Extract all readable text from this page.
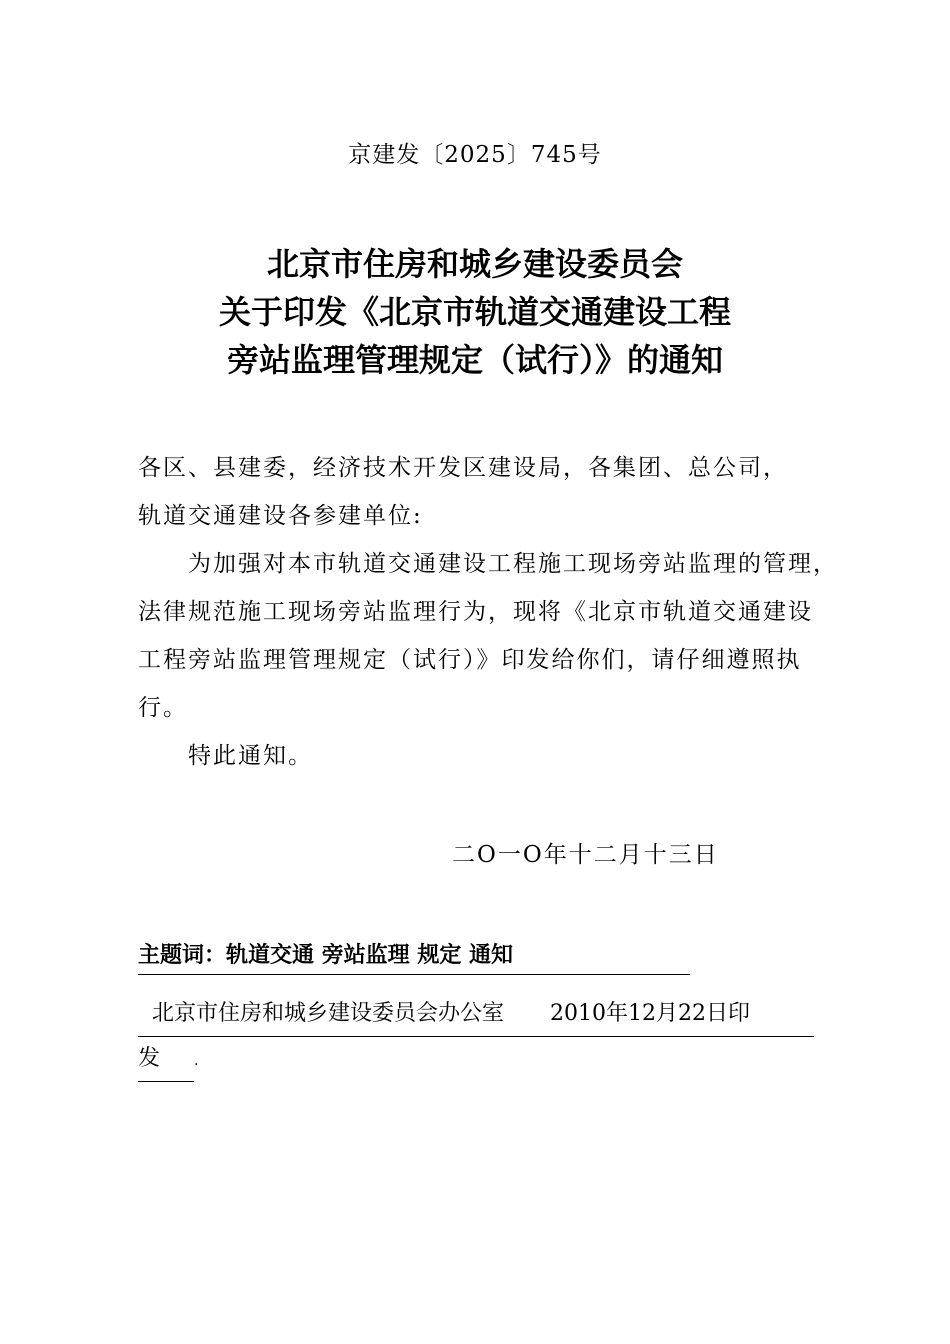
京建发〔2025〕745号
北京市住房和城乡建设委员会
关于印发《北京市轨道交通建设工程
旁站监理管理规定（试行）》的通知
各区、县建委，经济技术开发区建设局，各集团、总公司，
轨道交通建设各参建单位:
为加强对本市轨道交通建设工程施工现场旁站监理的管理，
法律规范施工现场旁站监理行为，现将《北京市轨道交通建设
工程旁站监理管理规定（试行）》印发给你们，请仔细遵照执
行。
特此通知。
二O一O年十二月十三日
主题词：轨道交通 旁站监理 规定 通知
北京市住房和城乡建设委员会办公室 2010年12月22日印
发 .
